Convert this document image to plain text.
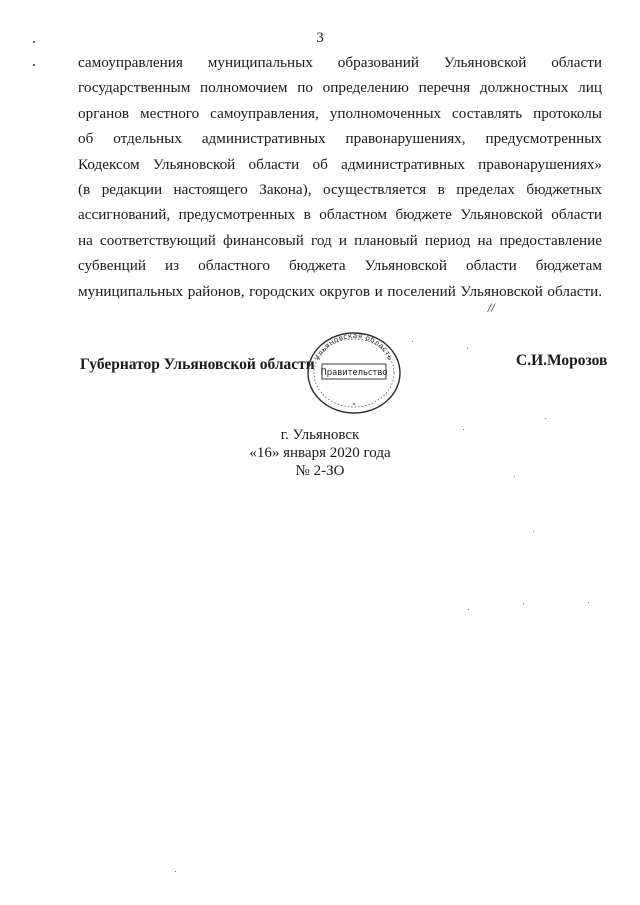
3
самоуправления муниципальных образований Ульяновской области
государственным полномочием по определению перечня должностных лиц
органов местного самоуправления, уполномоченных составлять протоколы
об отдельных административных правонарушениях, предусмотренных
Кодексом Ульяновской области об административных правонарушениях»
(в редакции настоящего Закона), осуществляется в пределах бюджетных
ассигнований, предусмотренных в областном бюджете Ульяновской области
на соответствующий финансовый год и плановый период на предоставление
субвенций из областного бюджета Ульяновской области бюджетам
муниципальных районов, городских округов и поселений Ульяновской области.
//
Губернатор Ульяновской области
Ульяновская область
Правительство
*
С.И.Морозов
г. Ульяновск
«16» января 2020 года
№ 2-ЗО
